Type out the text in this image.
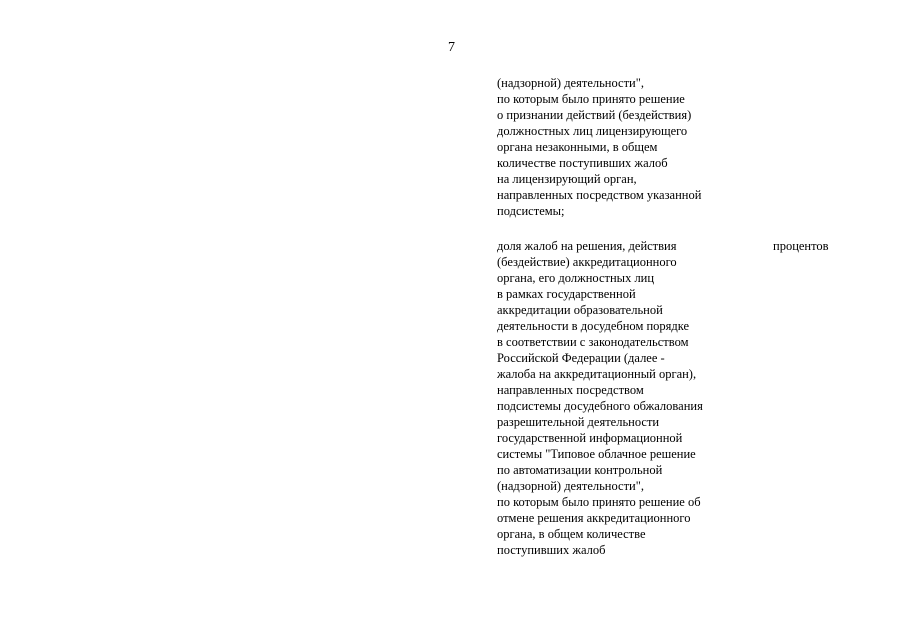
7
(надзорной) деятельности",
по которым было принято решение
о признании действий (бездействия)
должностных лиц лицензирующего
органа незаконными, в общем
количестве поступивших жалоб
на лицензирующий орган,
направленных посредством указанной
подсистемы;
доля жалоб на решения, действия
(бездействие) аккредитационного
органа, его должностных лиц
в рамках государственной
аккредитации образовательной
деятельности в досудебном порядке
в соответствии с законодательством
Российской Федерации (далее -
жалоба на аккредитационный орган),
направленных посредством
подсистемы досудебного обжалования
разрешительной деятельности
государственной информационной
системы "Типовое облачное решение
по автоматизации контрольной
(надзорной) деятельности",
по которым было принято решение об
отмене решения аккредитационного
органа, в общем количестве
поступивших жалоб
процентов
